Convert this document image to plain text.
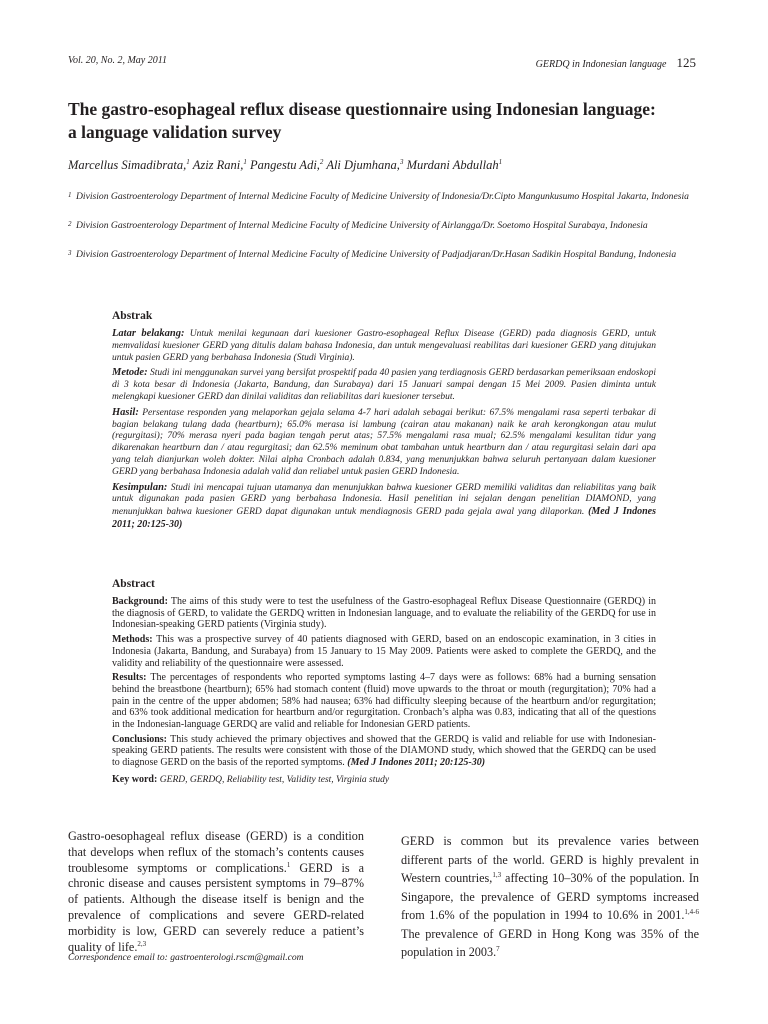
Vol. 20, No. 2, May 2011	GERDQ in Indonesian language 125
The gastro-esophageal reflux disease questionnaire using Indonesian language:
a language validation survey
Marcellus Simadibrata,$^1$ Aziz Rani,$^1$ Pangestu Adi,$^2$ Ali Djumhana,$^3$ Murdani Abdullah$^1$
1 Division Gastroenterology Department of Internal Medicine Faculty of Medicine University of Indonesia/Dr.Cipto Mangunkusumo Hospital Jakarta, Indonesia
2 Division Gastroenterology Department of Internal Medicine Faculty of Medicine University of Airlangga/Dr. Soetomo Hospital Surabaya, Indonesia
3 Division Gastroenterology Department of Internal Medicine Faculty of Medicine University of Padjadjaran/Dr.Hasan Sadikin Hospital Bandung, Indonesia
Abstrak
Latar belakang: Untuk menilai kegunaan dari kuesioner Gastro-esophageal Reflux Disease (GERD) pada diagnosis GERD, untuk memvalidasi kuesioner GERD yang ditulis dalam bahasa Indonesia, dan untuk mengevaluasi reabilitas dari kuesioner GERD yang ditujukan untuk pasien GERD yang berbahasa Indonesia (Studi Virginia).
Metode: Studi ini menggunakan survei yang bersifat prospektif pada 40 pasien yang terdiagnosis GERD berdasarkan pemeriksaan endoskopi di 3 kota besar di Indonesia (Jakarta, Bandung, dan Surabaya) dari 15 Januari sampai dengan 15 Mei 2009. Pasien diminta untuk melengkapi kuesioner GERD dan dinilai validitas dan reliabilitas dari kuesioner tersebut.
Hasil: Persentase responden yang melaporkan gejala selama 4-7 hari adalah sebagai berikut: 67.5% mengalami rasa seperti terbakar di bagian belakang tulang dada (heartburn); 65.0% merasa isi lambung (cairan atau makanan) naik ke arah kerongkongan atau mulut (regurgitasi); 70% merasa nyeri pada bagian tengah perut atas; 57.5% mengalami rasa mual; 62.5% mengalami kesulitan tidur yang dikarenakan heartburn dan / atau regurgitasi; dan 62.5% meminum obat tambahan untuk heartburn dan / atau regurgitasi selain dari apa yang telah dianjurkan woleh dokter. Nilai alpha Cronbach adalah 0.834, yang menunjukkan bahwa seluruh pertanyaan dalam kuesioner GERD yang berbahasa Indonesia adalah valid dan reliabel untuk pasien GERD Indonesia.
Kesimpulan: Studi ini mencapai tujuan utamanya dan menunjukkan bahwa kuesioner GERD memiliki validitas dan reliabilitas yang baik untuk digunakan pada pasien GERD yang berbahasa Indonesia. Hasil penelitian ini sejalan dengan penelitian DIAMOND, yang menunjukkan bahwa kuesioner GERD dapat digunakan untuk mendiagnosis GERD pada gejala awal yang dilaporkan. (Med J Indones 2011; 20:125-30)
Abstract
Background: The aims of this study were to test the usefulness of the Gastro-esophageal Reflux Disease Questionnaire (GERDQ) in the diagnosis of GERD, to validate the GERDQ written in Indonesian language, and to evaluate the reliability of the GERDQ for use in Indonesian-speaking GERD patients (Virginia study).
Methods: This was a prospective survey of 40 patients diagnosed with GERD, based on an endoscopic examination, in 3 cities in Indonesia (Jakarta, Bandung, and Surabaya) from 15 January to 15 May 2009. Patients were asked to complete the GERDQ, and the validity and reliability of the questionnaire were assessed.
Results: The percentages of respondents who reported symptoms lasting 4–7 days were as follows: 68% had a burning sensation behind the breastbone (heartburn); 65% had stomach content (fluid) move upwards to the throat or mouth (regurgitation); 70% had a pain in the centre of the upper abdomen; 58% had nausea; 63% had difficulty sleeping because of the heartburn and/or regurgitation; and 63% took additional medication for heartburn and/or regurgitation. Cronbach’s alpha was 0.83, indicating that all of the questions in the Indonesian-language GERDQ are valid and reliable for Indonesian GERD patients.
Conclusions: This study achieved the primary objectives and showed that the GERDQ is valid and reliable for use with Indonesian-speaking GERD patients. The results were consistent with those of the DIAMOND study, which showed that the GERDQ can be used to diagnose GERD on the basis of the reported symptoms. (Med J Indones 2011; 20:125-30)
Key word: GERD, GERDQ, Reliability test, Validity test, Virginia study
Gastro-oesophageal reflux disease (GERD) is a condition that develops when reflux of the stomach’s contents causes troublesome symptoms or complications.$^1$ GERD is a chronic disease and causes persistent symptoms in 79–87% of patients. Although the disease itself is benign and the prevalence of complications and severe GERD-related morbidity is low, GERD can severely reduce a patient’s quality of life.$^{2,3}$
GERD is common but its prevalence varies between different parts of the world. GERD is highly prevalent in Western countries,$^{1,3}$ affecting 10–30% of the population. In Singapore, the prevalence of GERD symptoms increased from 1.6% of the population in 1994 to 10.6% in 2001.$^{1,4-6}$ The prevalence of GERD in Hong Kong was 35% of the population in 2003.$^7$
Correspondence email to: gastroenterologi.rscm@gmail.com
